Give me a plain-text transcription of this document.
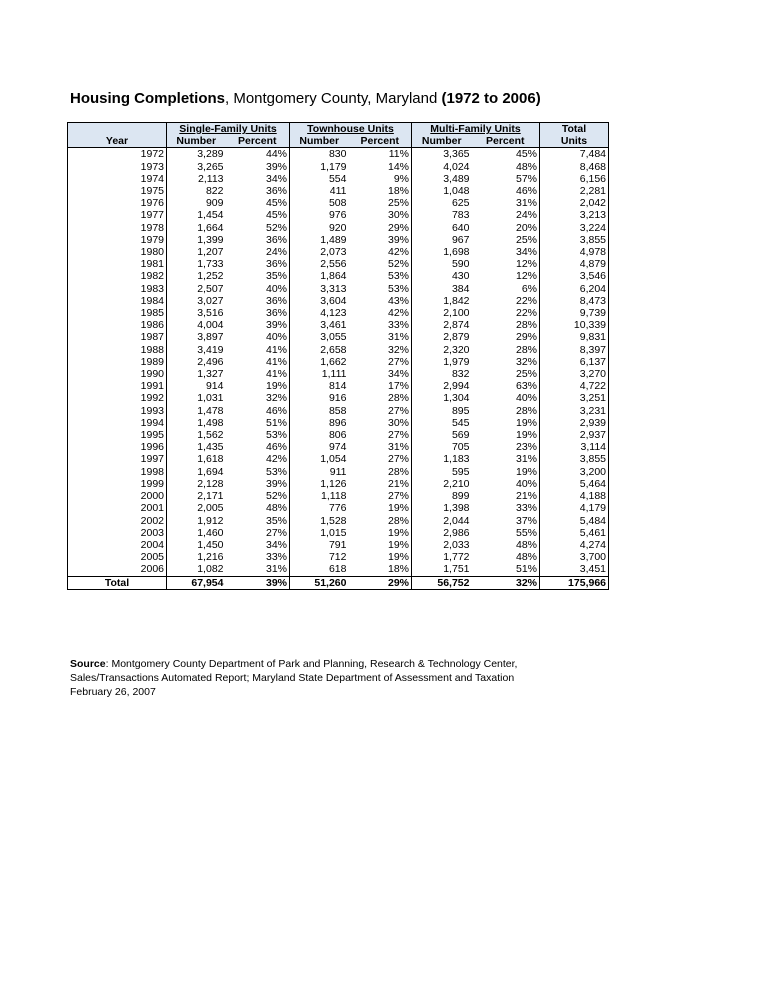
Housing Completions, Montgomery County, Maryland (1972 to 2006)
	Single-Family Units		Townhouse Units		Multi-Family Units		Total
Year	Number	Percent	Number	Percent	Number	Percent	Units
1972	3,289	44%	830	11%	3,365	45%	7,484
1973	3,265	39%	1,179	14%	4,024	48%	8,468
1974	2,113	34%	554	9%	3,489	57%	6,156
1975	822	36%	411	18%	1,048	46%	2,281
1976	909	45%	508	25%	625	31%	2,042
1977	1,454	45%	976	30%	783	24%	3,213
1978	1,664	52%	920	29%	640	20%	3,224
1979	1,399	36%	1,489	39%	967	25%	3,855
1980	1,207	24%	2,073	42%	1,698	34%	4,978
1981	1,733	36%	2,556	52%	590	12%	4,879
1982	1,252	35%	1,864	53%	430	12%	3,546
1983	2,507	40%	3,313	53%	384	6%	6,204
1984	3,027	36%	3,604	43%	1,842	22%	8,473
1985	3,516	36%	4,123	42%	2,100	22%	9,739
1986	4,004	39%	3,461	33%	2,874	28%	10,339
1987	3,897	40%	3,055	31%	2,879	29%	9,831
1988	3,419	41%	2,658	32%	2,320	28%	8,397
1989	2,496	41%	1,662	27%	1,979	32%	6,137
1990	1,327	41%	1,111	34%	832	25%	3,270
1991	914	19%	814	17%	2,994	63%	4,722
1992	1,031	32%	916	28%	1,304	40%	3,251
1993	1,478	46%	858	27%	895	28%	3,231
1994	1,498	51%	896	30%	545	19%	2,939
1995	1,562	53%	806	27%	569	19%	2,937
1996	1,435	46%	974	31%	705	23%	3,114
1997	1,618	42%	1,054	27%	1,183	31%	3,855
1998	1,694	53%	911	28%	595	19%	3,200
1999	2,128	39%	1,126	21%	2,210	40%	5,464
2000	2,171	52%	1,118	27%	899	21%	4,188
2001	2,005	48%	776	19%	1,398	33%	4,179
2002	1,912	35%	1,528	28%	2,044	37%	5,484
2003	1,460	27%	1,015	19%	2,986	55%	5,461
2004	1,450	34%	791	19%	2,033	48%	4,274
2005	1,216	33%	712	19%	1,772	48%	3,700
2006	1,082	31%	618	18%	1,751	51%	3,451
Total	67,954	39%	51,260	29%	56,752	32%	175,966
Source: Montgomery County Department of Park and Planning, Research & Technology Center,
Sales/Transactions Automated Report; Maryland State Department of Assessment and Taxation
February 26, 2007
